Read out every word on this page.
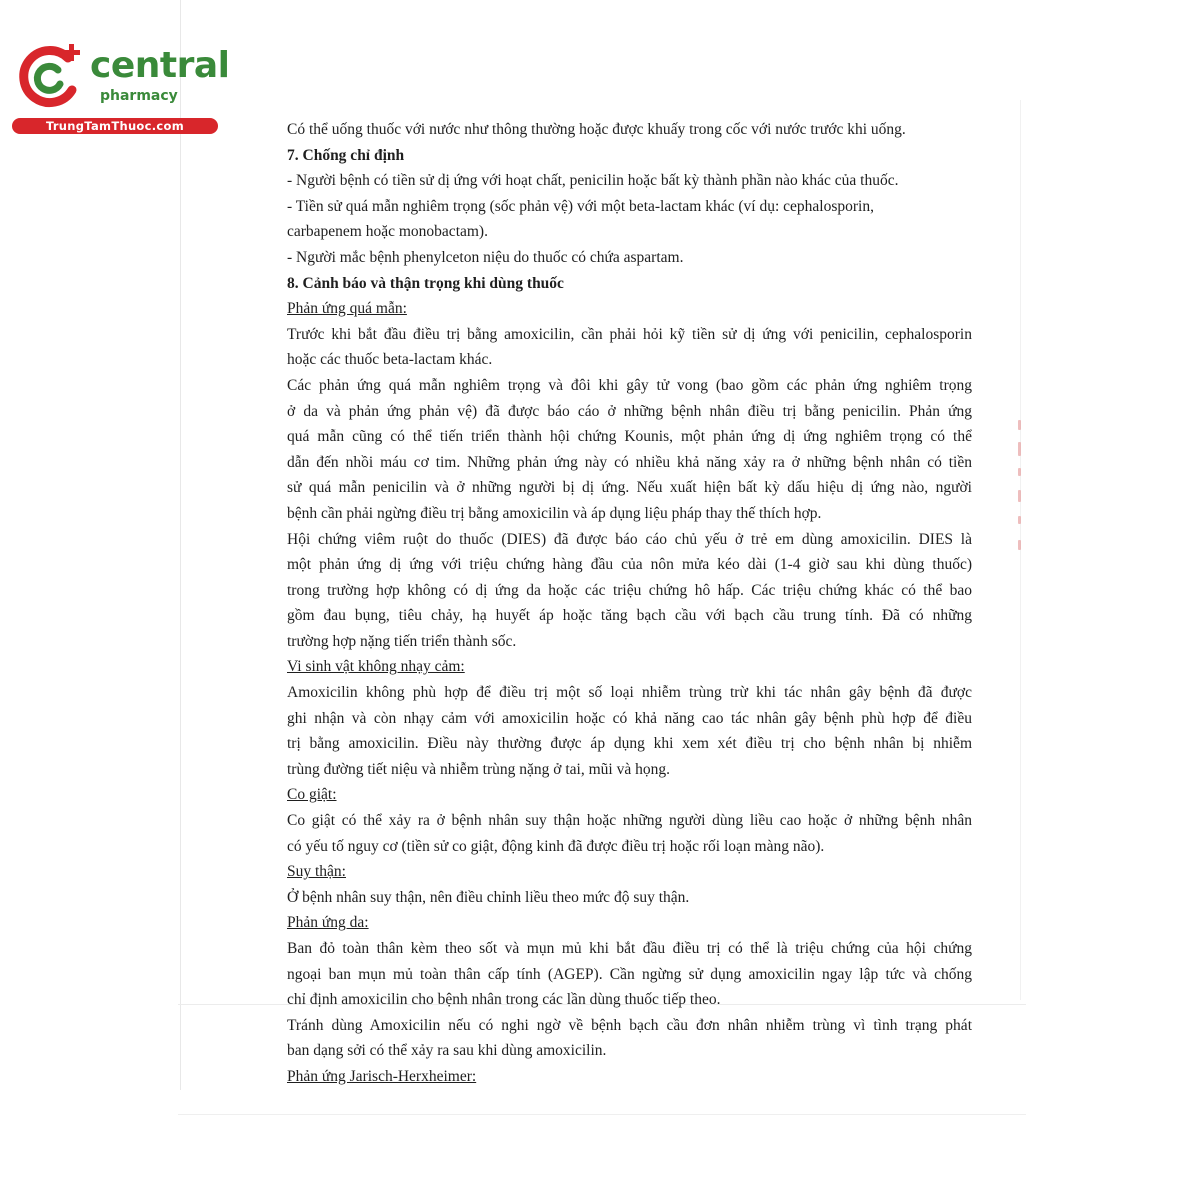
central
pharmacy
TrungTamThuoc.com	Có thể uống thuốc với nước như thông thường hoặc được khuấy trong cốc với nước trước khi uống.
7. Chống chỉ định
- Người bệnh có tiền sử dị ứng với hoạt chất, penicilin hoặc bất kỳ thành phần nào khác của thuốc.
- Tiền sử quá mẫn nghiêm trọng (sốc phản vệ) với một beta-lactam khác (ví dụ: cephalosporin,
carbapenem hoặc monobactam).
- Người mắc bệnh phenylceton niệu do thuốc có chứa aspartam.
8. Cảnh báo và thận trọng khi dùng thuốc
Phản ứng quá mẫn:
Trước khi bắt đầu điều trị bằng amoxicilin, cần phải hỏi kỹ tiền sử dị ứng với penicilin, cephalosporin
hoặc các thuốc beta-lactam khác.
Các phản ứng quá mẫn nghiêm trọng và đôi khi gây tử vong (bao gồm các phản ứng nghiêm trọng
ở da và phản ứng phản vệ) đã được báo cáo ở những bệnh nhân điều trị bằng penicilin. Phản ứng
quá mẫn cũng có thể tiến triển thành hội chứng Kounis, một phản ứng dị ứng nghiêm trọng có thể
dẫn đến nhồi máu cơ tim. Những phản ứng này có nhiều khả năng xảy ra ở những bệnh nhân có tiền
sử quá mẫn penicilin và ở những người bị dị ứng. Nếu xuất hiện bất kỳ dấu hiệu dị ứng nào, người
bệnh cần phải ngừng điều trị bằng amoxicilin và áp dụng liệu pháp thay thế thích hợp.
Hội chứng viêm ruột do thuốc (DIES) đã được báo cáo chủ yếu ở trẻ em dùng amoxicilin. DIES là
một phản ứng dị ứng với triệu chứng hàng đầu của nôn mửa kéo dài (1-4 giờ sau khi dùng thuốc)
trong trường hợp không có dị ứng da hoặc các triệu chứng hô hấp. Các triệu chứng khác có thể bao
gồm đau bụng, tiêu chảy, hạ huyết áp hoặc tăng bạch cầu với bạch cầu trung tính. Đã có những
trường hợp nặng tiến triển thành sốc.
Vi sinh vật không nhạy cảm:
Amoxicilin không phù hợp để điều trị một số loại nhiễm trùng trừ khi tác nhân gây bệnh đã được
ghi nhận và còn nhạy cảm với amoxicilin hoặc có khả năng cao tác nhân gây bệnh phù hợp để điều
trị bằng amoxicilin. Điều này thường được áp dụng khi xem xét điều trị cho bệnh nhân bị nhiễm
trùng đường tiết niệu và nhiễm trùng nặng ở tai, mũi và họng.
Co giật:
Co giật có thể xảy ra ở bệnh nhân suy thận hoặc những người dùng liều cao hoặc ở những bệnh nhân
có yếu tố nguy cơ (tiền sử co giật, động kinh đã được điều trị hoặc rối loạn màng não).
Suy thận:
Ở bệnh nhân suy thận, nên điều chỉnh liều theo mức độ suy thận.
Phản ứng da:
Ban đỏ toàn thân kèm theo sốt và mụn mủ khi bắt đầu điều trị có thể là triệu chứng của hội chứng
ngoại ban mụn mủ toàn thân cấp tính (AGEP). Cần ngừng sử dụng amoxicilin ngay lập tức và chống
chỉ định amoxicilin cho bệnh nhân trong các lần dùng thuốc tiếp theo.
Tránh dùng Amoxicilin nếu có nghi ngờ về bệnh bạch cầu đơn nhân nhiễm trùng vì tình trạng phát
ban dạng sởi có thể xảy ra sau khi dùng amoxicilin.
Phản ứng Jarisch-Herxheimer:
